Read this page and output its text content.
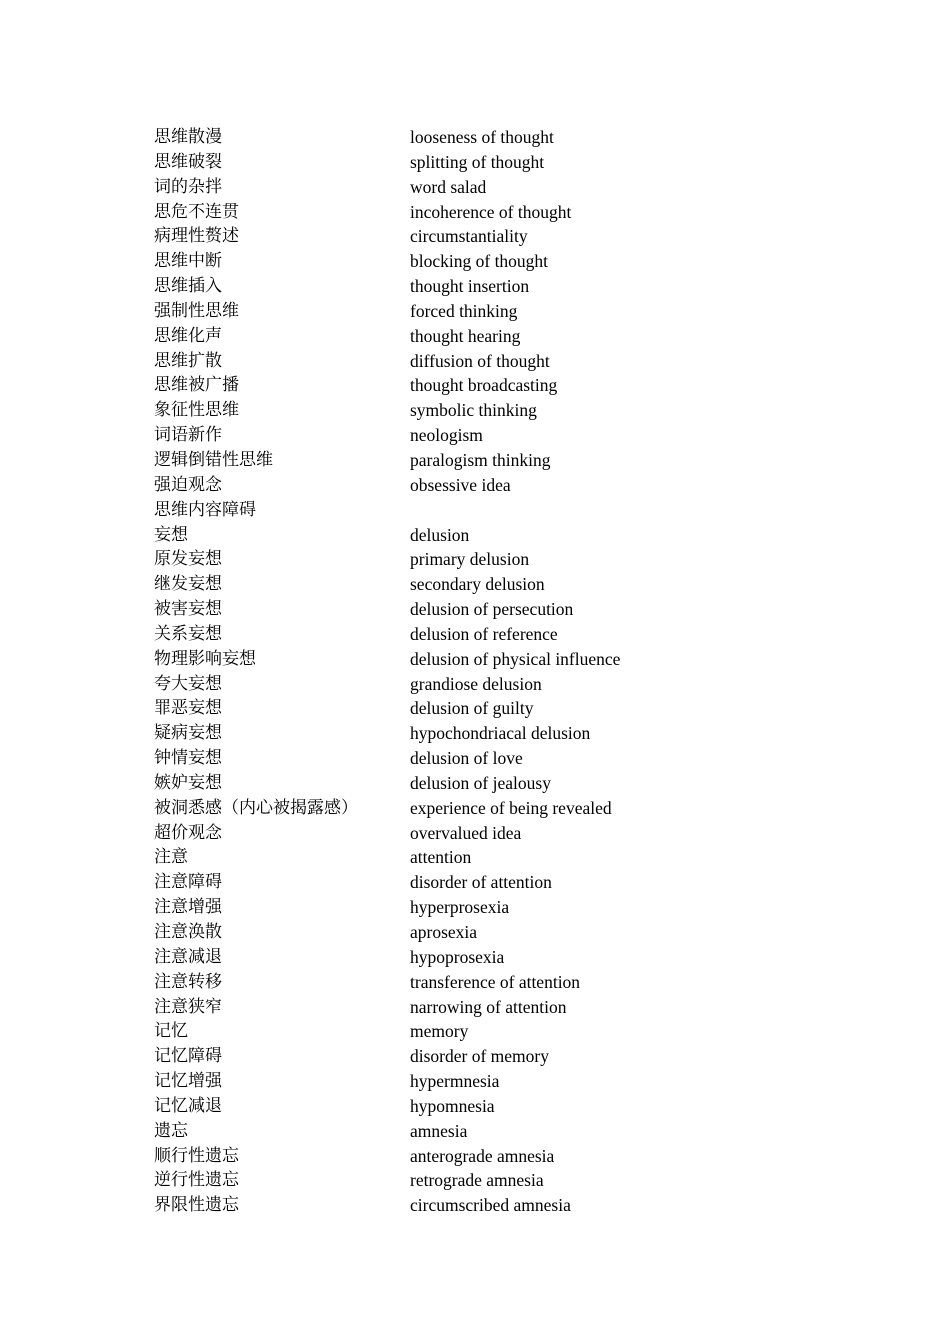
思维散漫	looseness of thought
思维破裂	splitting of thought
词的杂拌	word salad
思危不连贯	incoherence of thought
病理性赘述	circumstantiality
思维中断	blocking of thought
思维插入	thought insertion
强制性思维	forced thinking
思维化声	thought hearing
思维扩散	diffusion of thought
思维被广播	thought broadcasting
象征性思维	symbolic thinking
词语新作	neologism
逻辑倒错性思维	paralogism thinking
强迫观念	obsessive idea
思维内容障碍
妄想	delusion
原发妄想	primary delusion
继发妄想	secondary delusion
被害妄想	delusion of persecution
关系妄想	delusion of reference
物理影响妄想	delusion of physical influence
夸大妄想	grandiose delusion
罪恶妄想	delusion of guilty
疑病妄想	hypochondriacal delusion
钟情妄想	delusion of love
嫉妒妄想	delusion of jealousy
被洞悉感（内心被揭露感）	experience of being revealed
超价观念	overvalued idea
注意	attention
注意障碍	disorder of attention
注意增强	hyperprosexia
注意涣散	aprosexia
注意减退	hypoprosexia
注意转移	transference of attention
注意狭窄	narrowing of attention
记忆	memory
记忆障碍	disorder of memory
记忆增强	hypermnesia
记忆减退	hypomnesia
遗忘	amnesia
顺行性遗忘	anterograde amnesia
逆行性遗忘	retrograde amnesia
界限性遗忘	circumscribed amnesia
